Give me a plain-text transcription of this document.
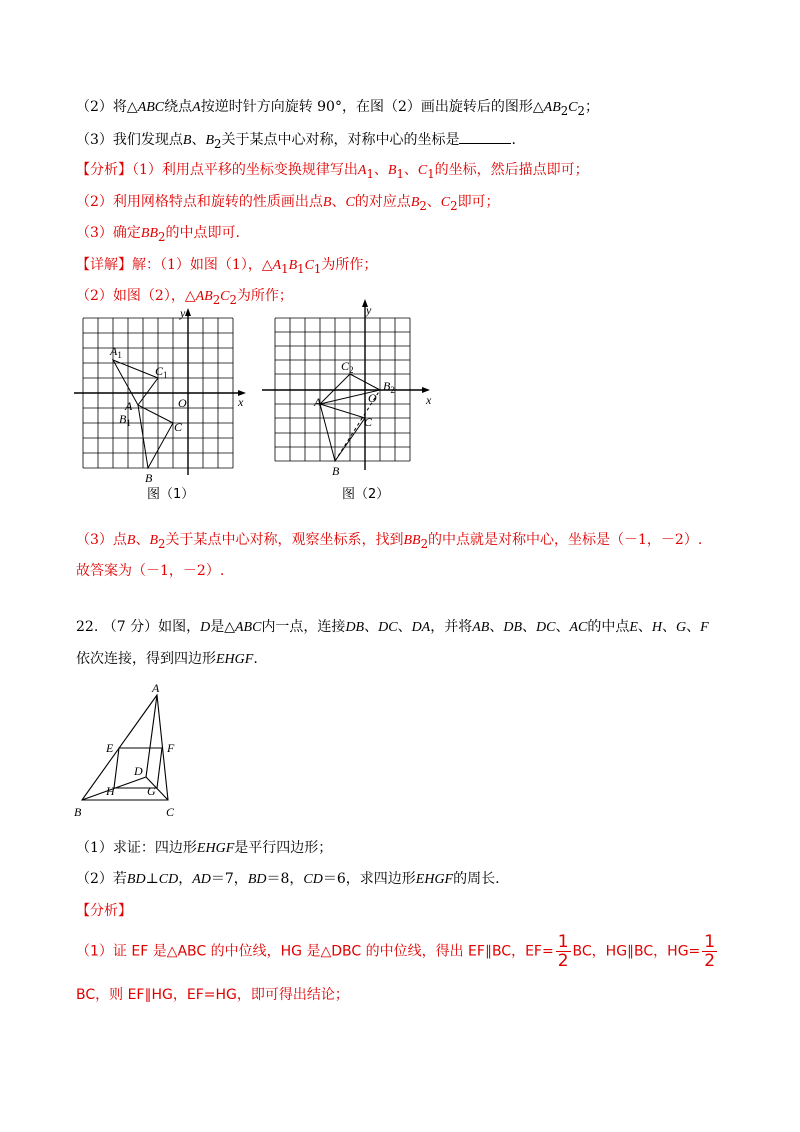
（2）将△ABC绕点A按逆时针方向旋转 90°，在图（2）画出旋转后的图形$\triangle AB_2C_2$；
（3）我们发现点B、$B_2$关于某点中心对称，对称中心的坐标是	.
【分析】（1）利用点平移的坐标变换规律写出$A_1$、$B_1$、$C_1$的坐标，然后描点即可；
（2）利用网格特点和旋转的性质画出点B、C的对应点$B_2$、$C_2$即可；
（3）确定$BB_2$的中点即可.
【详解】解：（1）如图（1），$\triangle A_1B_1C_1$为所作；
（2）如图（2），$\triangle AB_2C_2$为所作；
y
x
O
$A_1$
$C_1$
A
$B_1$	C
B
图（1）
y
x
O
$C_2$
$B_2$
A
C
B
图（2）
（3）点B、$B_2$关于某点中心对称，观察坐标系，找到$BB_2$的中点就是对称中心，坐标是（－1，－2）.
故答案为（－1，－2）.
22. （7 分）如图，D是△ABC内一点，连接DB、DC、DA，并将AB、DB、DC、AC的中点E、H、G、F
依次连接，得到四边形EHGF.
A
E	F
D
H	G
B	C
（1）求证：四边形EHGF是平行四边形；
（2）若BD⊥CD，AD＝7，BD＝8，CD＝6，求四边形EHGF的周长.
【分析】
（1）证 EF 是△ABC 的中位线，HG 是△DBC 的中位线，得出 EF∥BC，$EF= \frac{1}{2}$ BC，HG∥BC，$HG= \frac{1}{2}$
BC，则 EF∥HG，EF=HG，即可得出结论；
